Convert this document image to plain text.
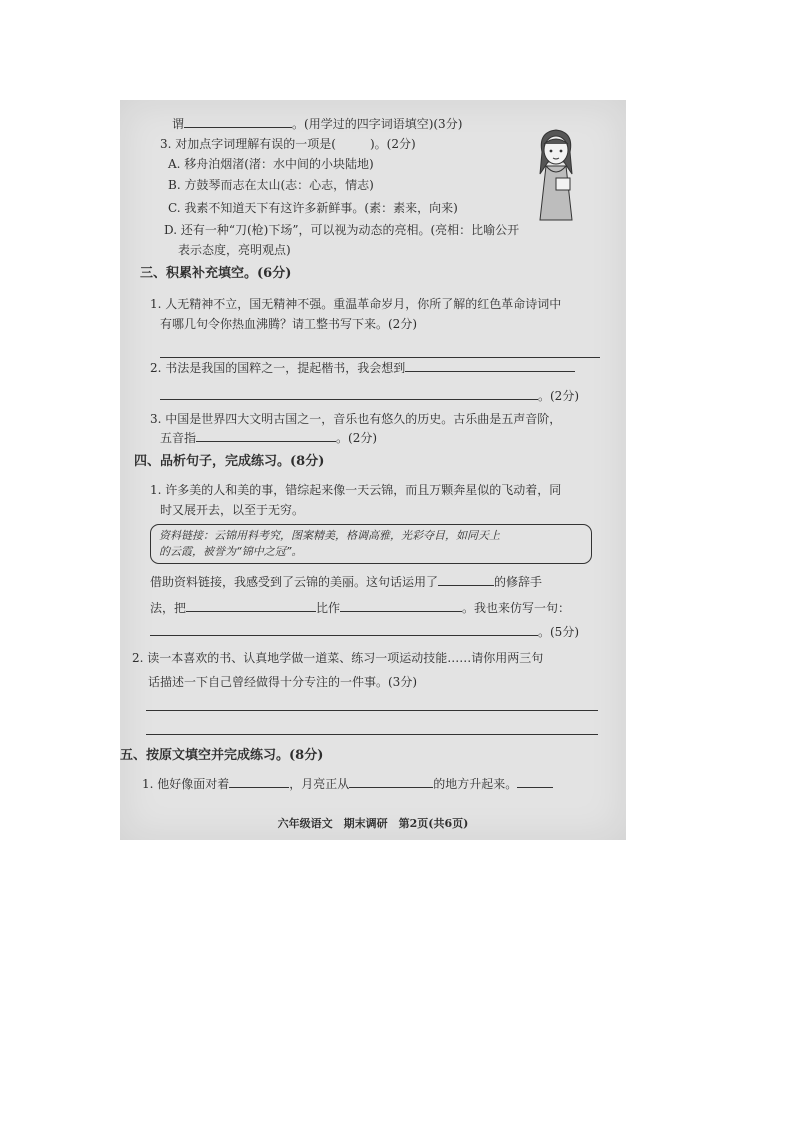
谓	。(用学过的四字词语填空)(3分)
3. 对加点字词理解有误的一项是(	)。(2分)
A. 移舟泊烟渚(渚：水中间的小块陆地)
B. 方鼓琴而志在太山(志：心志，情志)
C. 我素不知道天下有这许多新鲜事。(素：素来，向来)
D. 还有一种“刀(枪)下场”，可以视为动态的亮相。(亮相：比喻公开
表示态度，亮明观点)
三、积累补充填空。(6分)
1. 人无精神不立，国无精神不强。重温革命岁月，你所了解的红色革命诗词中
有哪几句令你热血沸腾？请工整书写下来。(2分)
2. 书法是我国的国粹之一，提起楷书，我会想到
。(2分)
3. 中国是世界四大文明古国之一，音乐也有悠久的历史。古乐曲是五声音阶，
五音指	。(2分)
四、品析句子，完成练习。(8分)
1. 许多美的人和美的事，错综起来像一天云锦，而且万颗奔星似的飞动着，同
时又展开去，以至于无穷。
资料链接：云锦用料考究，图案精美，格调高雅，光彩夺目，如同天上
的云霞，被誉为“锦中之冠”。
借助资料链接，我感受到了云锦的美丽。这句话运用了	的修辞手
法，把	比作	。我也来仿写一句：
。(5分)
2. 读一本喜欢的书、认真地学做一道菜、练习一项运动技能……请你用两三句
话描述一下自己曾经做得十分专注的一件事。(3分)
五、按原文填空并完成练习。(8分)
1. 他好像面对着	，月亮正从	的地方升起来。
六年级语文　期末调研　第2页(共6页)
